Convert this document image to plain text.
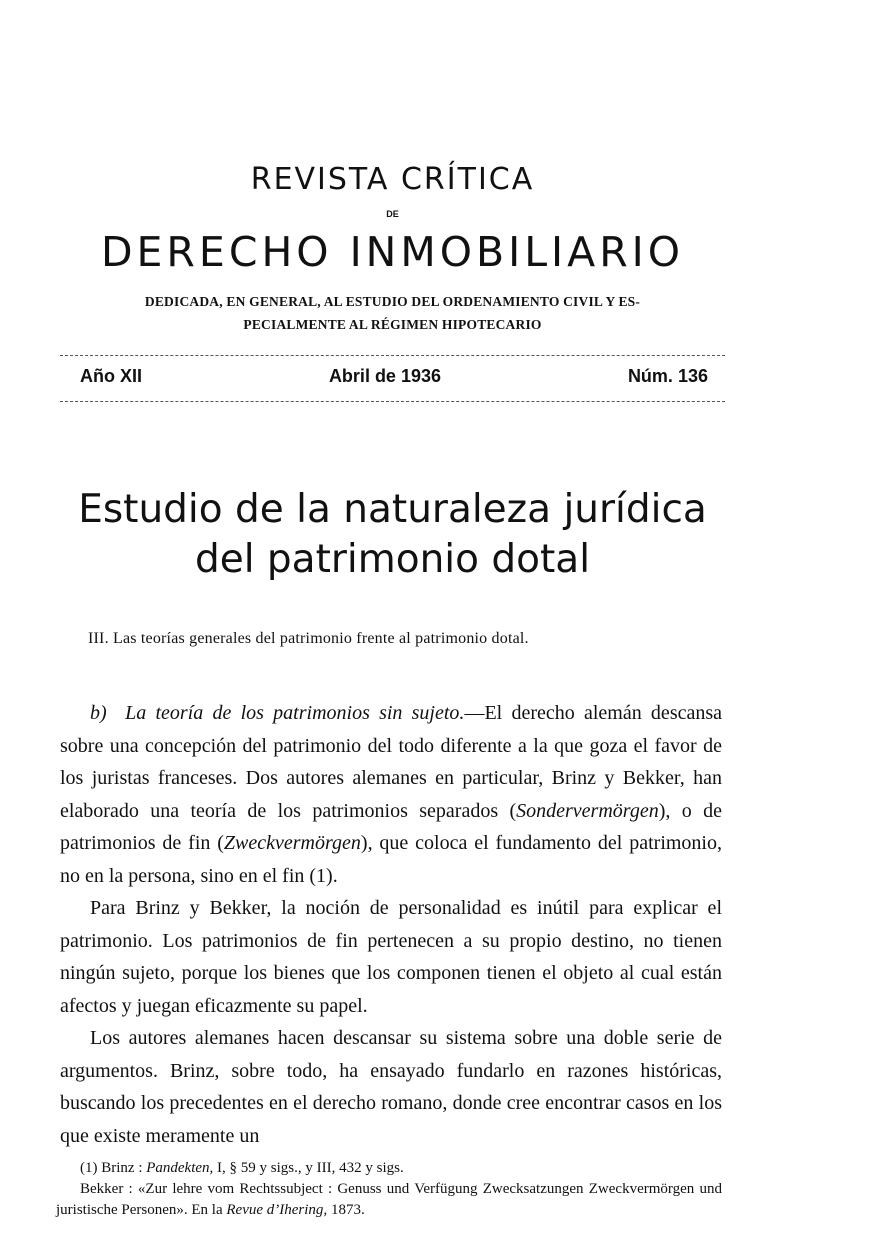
REVISTA CRÍTICA
DE
DERECHO INMOBILIARIO
DEDICADA, EN GENERAL, AL ESTUDIO DEL ORDENAMIENTO CIVIL Y ES-
PECIALMENTE AL RÉGIMEN HIPOTECARIO
Año XII	Abril de 1936	Núm. 136
Estudio de la naturaleza jurídica
del patrimonio dotal
III. Las teorías generales del patrimonio frente al patrimonio dotal.

b) La teoría de los patrimonios sin sujeto.—El derecho alemán descansa sobre una concepción del patrimonio del todo diferente a la que goza el favor de los juristas franceses. Dos autores alemanes en particular, Brinz y Bekker, han elaborado una teoría de los patrimonios separados (Sondervermörgen), o de patrimonios de fin (Zweckvermörgen), que coloca el fundamento del patrimonio, no en la persona, sino en el fin (1).

Para Brinz y Bekker, la noción de personalidad es inútil para explicar el patrimonio. Los patrimonios de fin pertenecen a su propio destino, no tienen ningún sujeto, porque los bienes que los componen tienen el objeto al cual están afectos y juegan eficazmente su papel.

Los autores alemanes hacen descansar su sistema sobre una doble serie de argumentos. Brinz, sobre todo, ha ensayado fundarlo en razones históricas, buscando los precedentes en el derecho romano, donde cree encontrar casos en los que existe meramente un

(1) Brinz : Pandekten, I, § 59 y sigs., y III, 432 y sigs.

Bekker : «Zur lehre vom Rechtssubject : Genuss und Verfügung Zwecksatzungen Zweckvermörgen und juristische Personen». En la Revue d’Ihering, 1873.
